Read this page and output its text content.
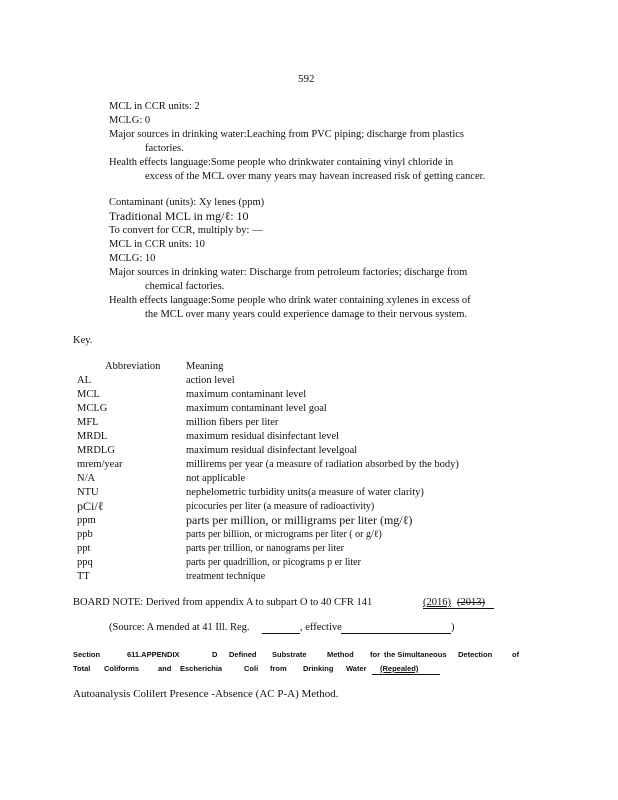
592
MCL in CCR units: 2
MCLG: 0
Major sources in drinking water:Leaching from PVC piping; discharge from plastics
factories.
Health effects language:Some people who drinkwater containing vinyl chloride in
excess of the MCL over many years may havean increased risk of getting cancer.
Contaminant (units): Xy lenes (ppm)
Traditional MCL in mg/ℓ: 10
To convert for CCR, multiply by: —
MCL in CCR units: 10
MCLG: 10
Major sources in drinking water: Discharge from petroleum factories; discharge from
chemical factories.
Health effects language:Some people who drink water containing xylenes in excess of
the MCL over many years could experience damage to their nervous system.
Key.
Abbreviation Meaning
AL	action level
MCL	maximum contaminant level
MCLG	maximum contaminant level goal
MFL	million fibers per liter
MRDL	maximum residual disinfectant level
MRDLG	maximum residual disinfectant levelgoal
mrem/year	millirems per year (a measure of radiation absorbed by the body)
N/A	not applicable
NTU	nephelometric turbidity units(a measure of water clarity)
pCi/ℓ	picocuries per liter (a measure of radioactivity)
ppm	parts per million, or milligrams per liter (mg/ℓ)
ppb	parts per billion, or micrograms per liter ( or g/ℓ)
ppt	parts per trillion, or nanograms per liter
ppq	parts per quadrillion, or picograms p er liter
TT	treatment technique
BOARD NOTE: Derived from appendix A to subpart O to 40 CFR 141	(2016) (2013)
(Source: A mended at 41 Ill. Reg.	, effective	)
Section	611.APPENDIX	D Defined Substrate	Method for the Simultaneous Detection	of
Total Coliforms	and Escherichia	Coli from Drinking Water (Repealed)
Autoanalysis Colilert Presence -Absence (AC P-A) Method.
